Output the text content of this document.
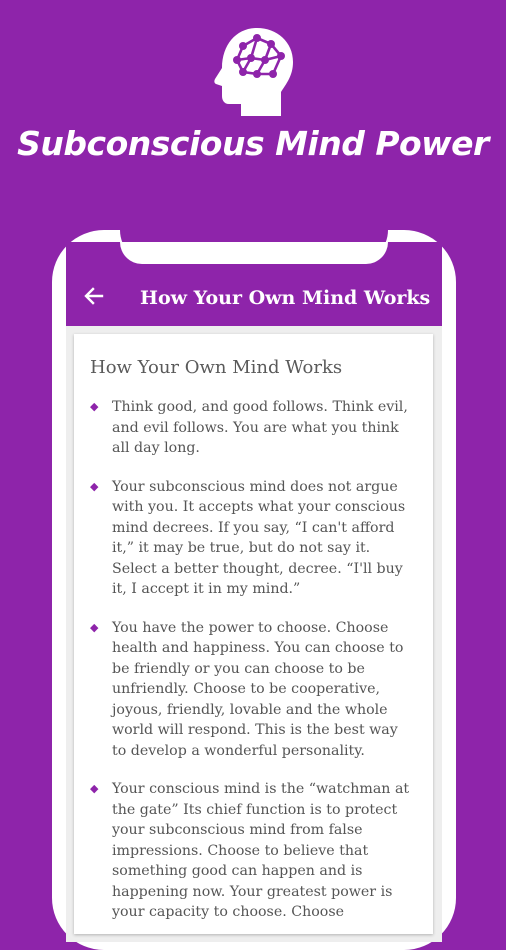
Subconscious Mind Power
How Your Own Mind Works
How Your Own Mind Works
◆ Think good, and good follows. Think evil, and evil follows. You are what you think all day long.
◆ Your subconscious mind does not argue with you. It accepts what your conscious mind decrees. If you say, “I can't afford it,” it may be true, but do not say it. Select a better thought, decree. “I'll buy it, I accept it in my mind.”
◆ You have the power to choose. Choose health and happiness. You can choose to be friendly or you can choose to be unfriendly. Choose to be cooperative, joyous, friendly, lovable and the whole world will respond. This is the best way to develop a wonderful personality.
◆ Your conscious mind is the “watchman at the gate” Its chief function is to protect your subconscious mind from false impressions. Choose to believe that something good can happen and is happening now. Your greatest power is your capacity to choose. Choose
